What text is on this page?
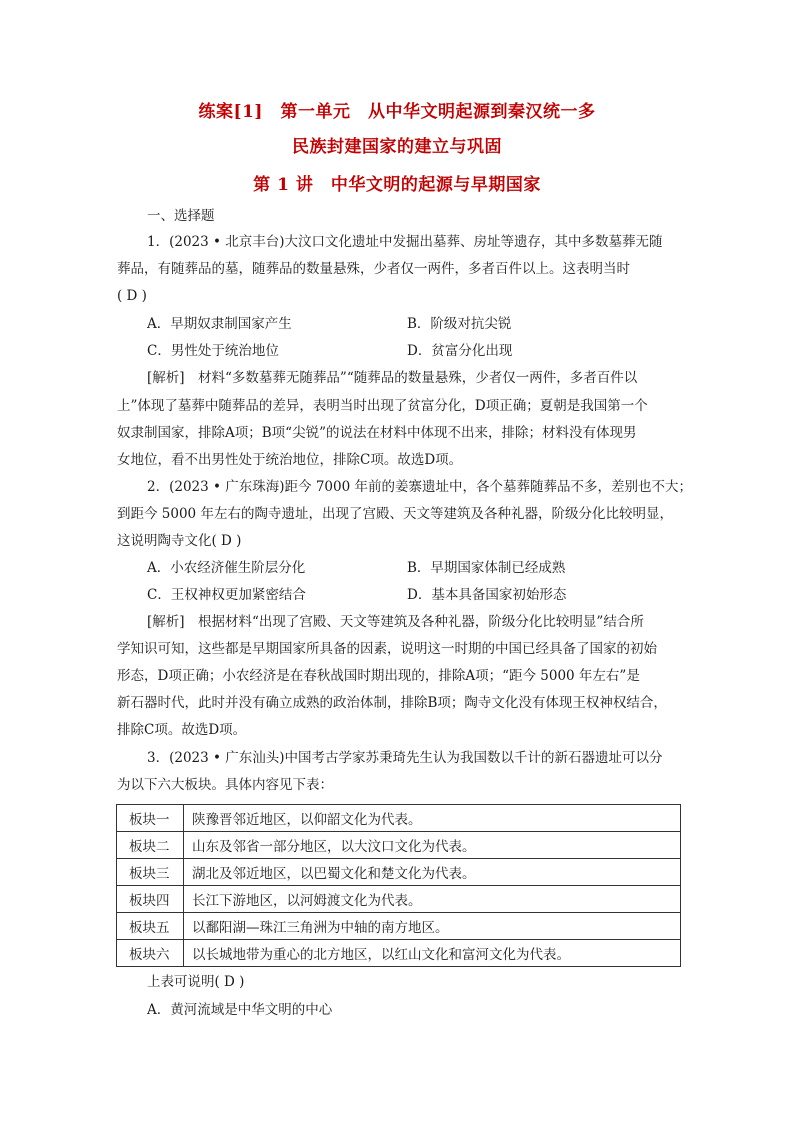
练案[1]　第一单元　从中华文明起源到秦汉统一多
民族封建国家的建立与巩固
第 1 讲　中华文明的起源与早期国家
一、选择题
1．(2023 • 北京丰台)大汶口文化遗址中发掘出墓葬、房址等遗存，其中多数墓葬无随
葬品，有随葬品的墓，随葬品的数量悬殊，少者仅一两件，多者百件以上。这表明当时
( D )
A．早期奴隶制国家产生	B．阶级对抗尖锐
C．男性处于统治地位	D．贫富分化出现
[解析]　材料“多数墓葬无随葬品”“随葬品的数量悬殊，少者仅一两件，多者百件以
上”体现了墓葬中随葬品的差异，表明当时出现了贫富分化，D项正确；夏朝是我国第一个
奴隶制国家，排除A项；B项“尖锐”的说法在材料中体现不出来，排除；材料没有体现男
女地位，看不出男性处于统治地位，排除C项。故选D项。
2．(2023 • 广东珠海)距今 7000 年前的姜寨遗址中，各个墓葬随葬品不多，差别也不大；
到距今 5000 年左右的陶寺遗址，出现了宫殿、天文等建筑及各种礼器，阶级分化比较明显，
这说明陶寺文化( D )
A．小农经济催生阶层分化	B．早期国家体制已经成熟
C．王权神权更加紧密结合	D．基本具备国家初始形态
[解析]　根据材料“出现了宫殿、天文等建筑及各种礼器，阶级分化比较明显”结合所
学知识可知，这些都是早期国家所具备的因素，说明这一时期的中国已经具备了国家的初始
形态，D项正确；小农经济是在春秋战国时期出现的，排除A项；“距今 5000 年左右”是
新石器时代，此时并没有确立成熟的政治体制，排除B项；陶寺文化没有体现王权神权结合，
排除C项。故选D项。
3．(2023 • 广东汕头)中国考古学家苏秉琦先生认为我国数以千计的新石器遗址可以分
为以下六大板块。具体内容见下表：
板块一	陕豫晋邻近地区，以仰韶文化为代表。
板块二	山东及邻省一部分地区，以大汶口文化为代表。
板块三	湖北及邻近地区，以巴蜀文化和楚文化为代表。
板块四	长江下游地区，以河姆渡文化为代表。
板块五	以鄱阳湖—珠江三角洲为中轴的南方地区。
板块六	以长城地带为重心的北方地区，以红山文化和富河文化为代表。
上表可说明( D )
A．黄河流域是中华文明的中心
